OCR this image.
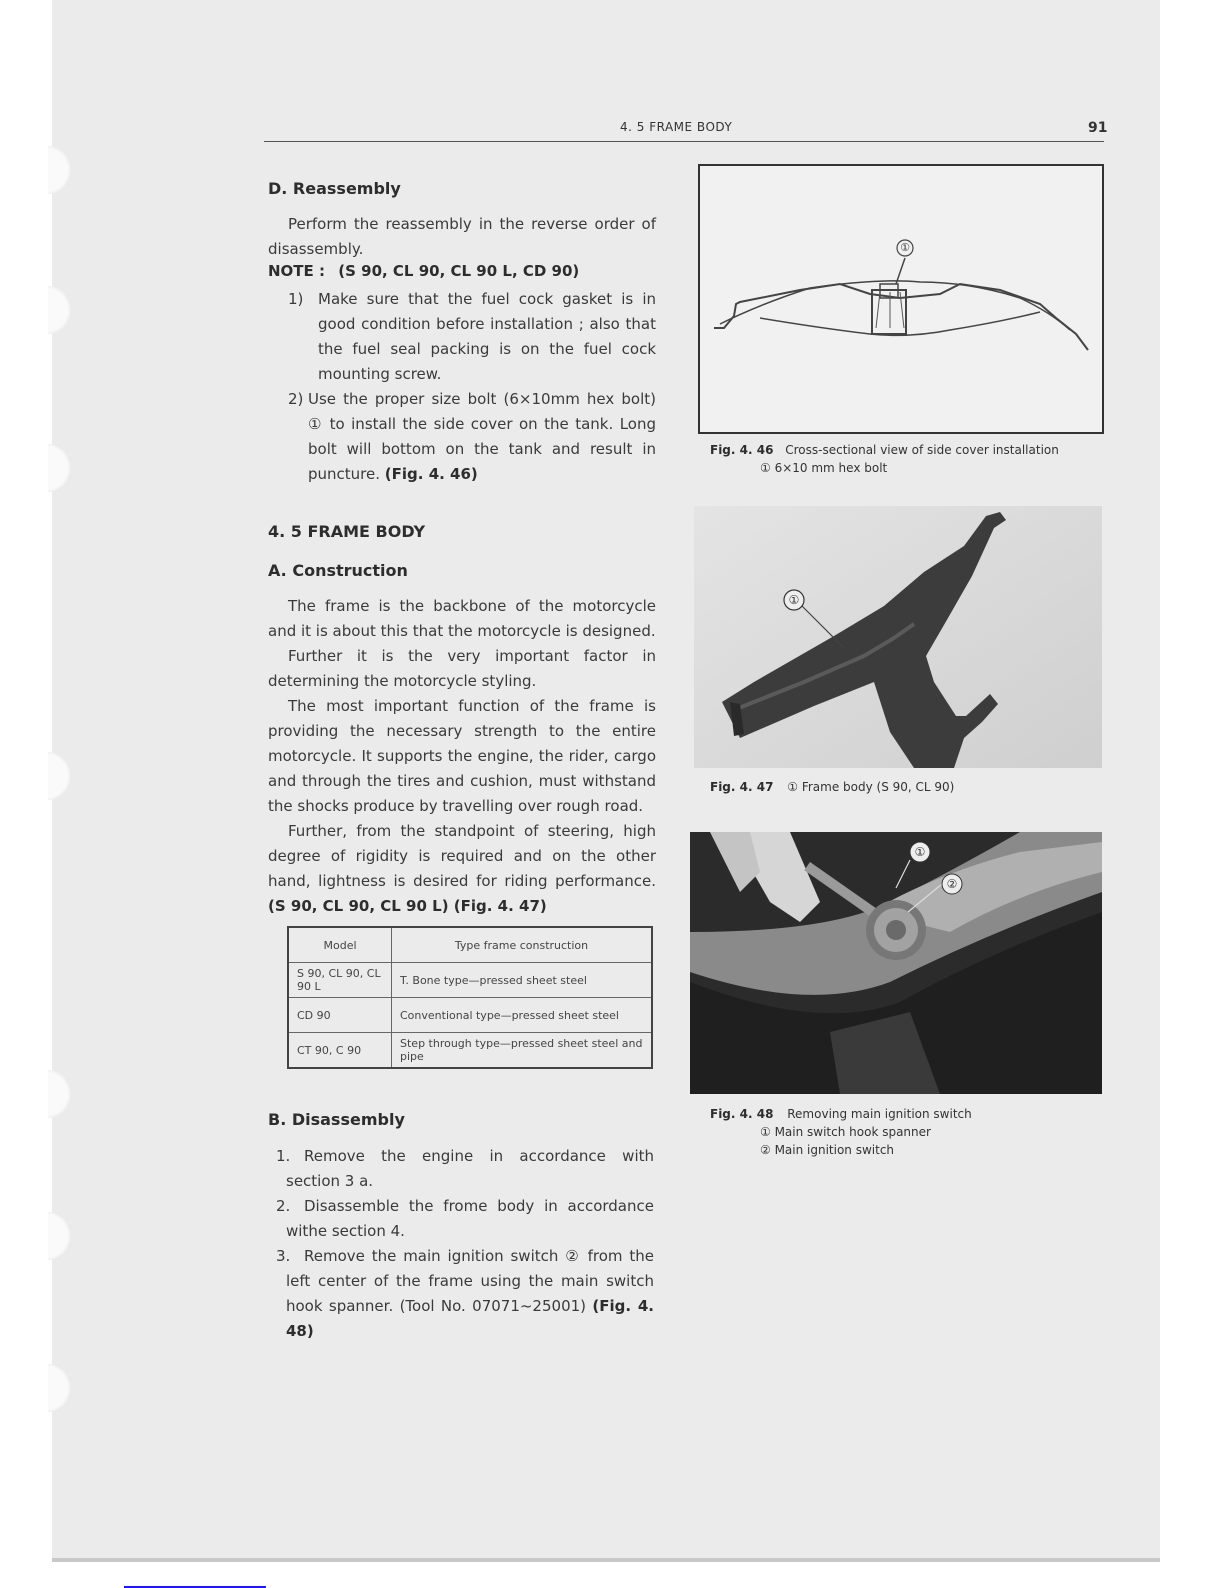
4. 5 FRAME BODY	91
D. Reassembly
Perform the reassembly in the reverse order of disassembly.
NOTE : (S 90, CL 90, CL 90 L, CD 90)
1) Make sure that the fuel cock gasket is in good condition before installation ; also that the fuel seal packing is on the fuel cock mounting screw.
2) Use the proper size bolt (6×10mm hex bolt) ① to install the side cover on the tank. Long bolt will bottom on the tank and result in puncture. (Fig. 4. 46)
4. 5 FRAME BODY
A. Construction
The frame is the backbone of the motorcycle and it is about this that the motorcycle is designed.
Further it is the very important factor in determining the motorcycle styling.
The most important function of the frame is providing the necessary strength to the entire motorcycle. It supports the engine, the rider, cargo and through the tires and cushion, must withstand the shocks produce by travelling over rough road.
Further, from the standpoint of steering, high degree of rigidity is required and on the other hand, lightness is desired for riding performance. (S 90, CL 90, CL 90 L) (Fig. 4. 47)
Model	Type frame construction
S 90, CL 90, CL 90 L	T. Bone type—pressed sheet steel
CD 90	Conventional type—pressed sheet steel
CT 90, C 90	Step through type—pressed sheet steel and pipe
B. Disassembly
1. Remove the engine in accordance with section 3 a.
2. Disassemble the frome body in accordance withe section 4.
3. Remove the main ignition switch ② from the left center of the frame using the main switch hook spanner. (Tool No. 07071~25001) (Fig. 4. 48)
①
Fig. 4. 46 Cross-sectional view of side cover installation
① 6×10 mm hex bolt
①
Fig. 4. 47 ① Frame body (S 90, CL 90)
①
②
Fig. 4. 48 Removing main ignition switch
① Main switch hook spanner
② Main ignition switch
